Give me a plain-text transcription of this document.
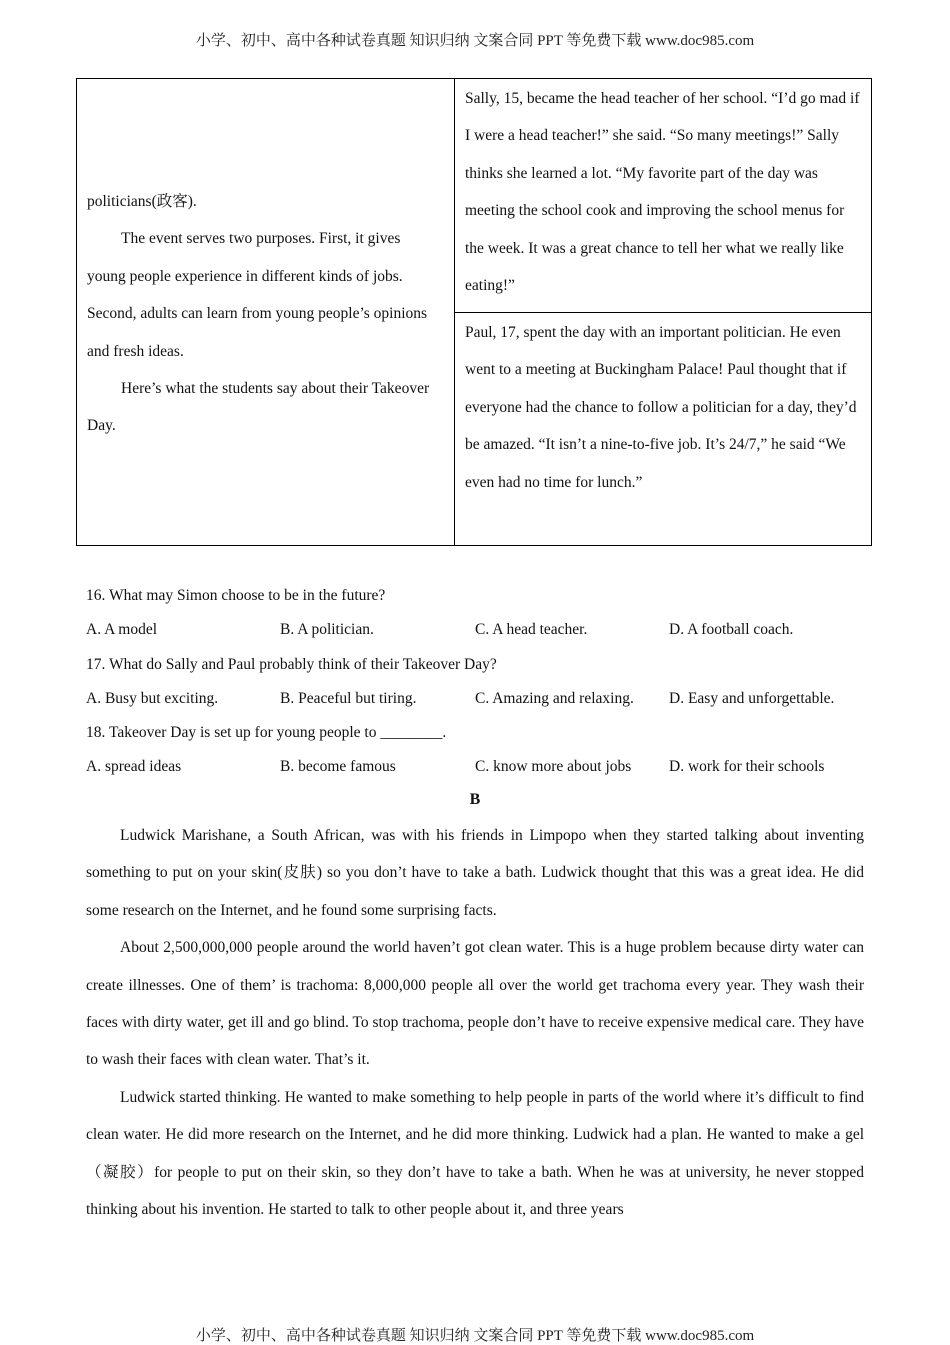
小学、初中、高中各种试卷真题 知识归纳 文案合同 PPT 等免费下载 www.doc985.com

politicians(政客).

The event serves two purposes. First, it gives young people experience in different kinds of jobs. Second, adults can learn from young people’s opinions and fresh ideas.

Here’s what the students say about their Takeover Day.

Sally, 15, became the head teacher of her school. “I’d go mad if I were a head teacher!” she said. “So many meetings!” Sally thinks she learned a lot. “My favorite part of the day was meeting the school cook and improving the school menus for the week. It was a great chance to tell her what we really like eating!”
Paul, 17, spent the day with an important politician. He even went to a meeting at Buckingham Palace! Paul thought that if everyone had the chance to follow a politician for a day, they’d be amazed. “It isn’t a nine-to-five job. It’s 24/7,” he said “We even had no time for lunch.”
16. What may Simon choose to be in the future?
A. A model	B. A politician.	C. A head teacher.	D. A football coach.
17. What do Sally and Paul probably think of their Takeover Day?
A. Busy but exciting.	B. Peaceful but tiring.	C. Amazing and relaxing. D. Easy and unforgettable.
18. Takeover Day is set up for young people to ________.
A. spread ideas	B. become famous	C. know more about jobs D. work for their schools
B

Ludwick Marishane, a South African, was with his friends in Limpopo when they started talking about inventing something to put on your skin(皮肤) so you don’t have to take a bath. Ludwick thought that this was a great idea. He did some research on the Internet, and he found some surprising facts.

About 2,500,000,000 people around the world haven’t got clean water. This is a huge problem because dirty water can create illnesses. One of them’ is trachoma: 8,000,000 people all over the world get trachoma every year. They wash their faces with dirty water, get ill and go blind. To stop trachoma, people don’t have to receive expensive medical care. They have to wash their faces with clean water. That’s it.

Ludwick started thinking. He wanted to make something to help people in parts of the world where it’s difficult to find clean water. He did more research on the Internet, and he did more thinking. Ludwick had a plan. He wanted to make a gel（凝胶）for people to put on their skin, so they don’t have to take a bath. When he was at university, he never stopped thinking about his invention. He started to talk to other people about it, and three years

小学、初中、高中各种试卷真题 知识归纳 文案合同 PPT 等免费下载 www.doc985.com
